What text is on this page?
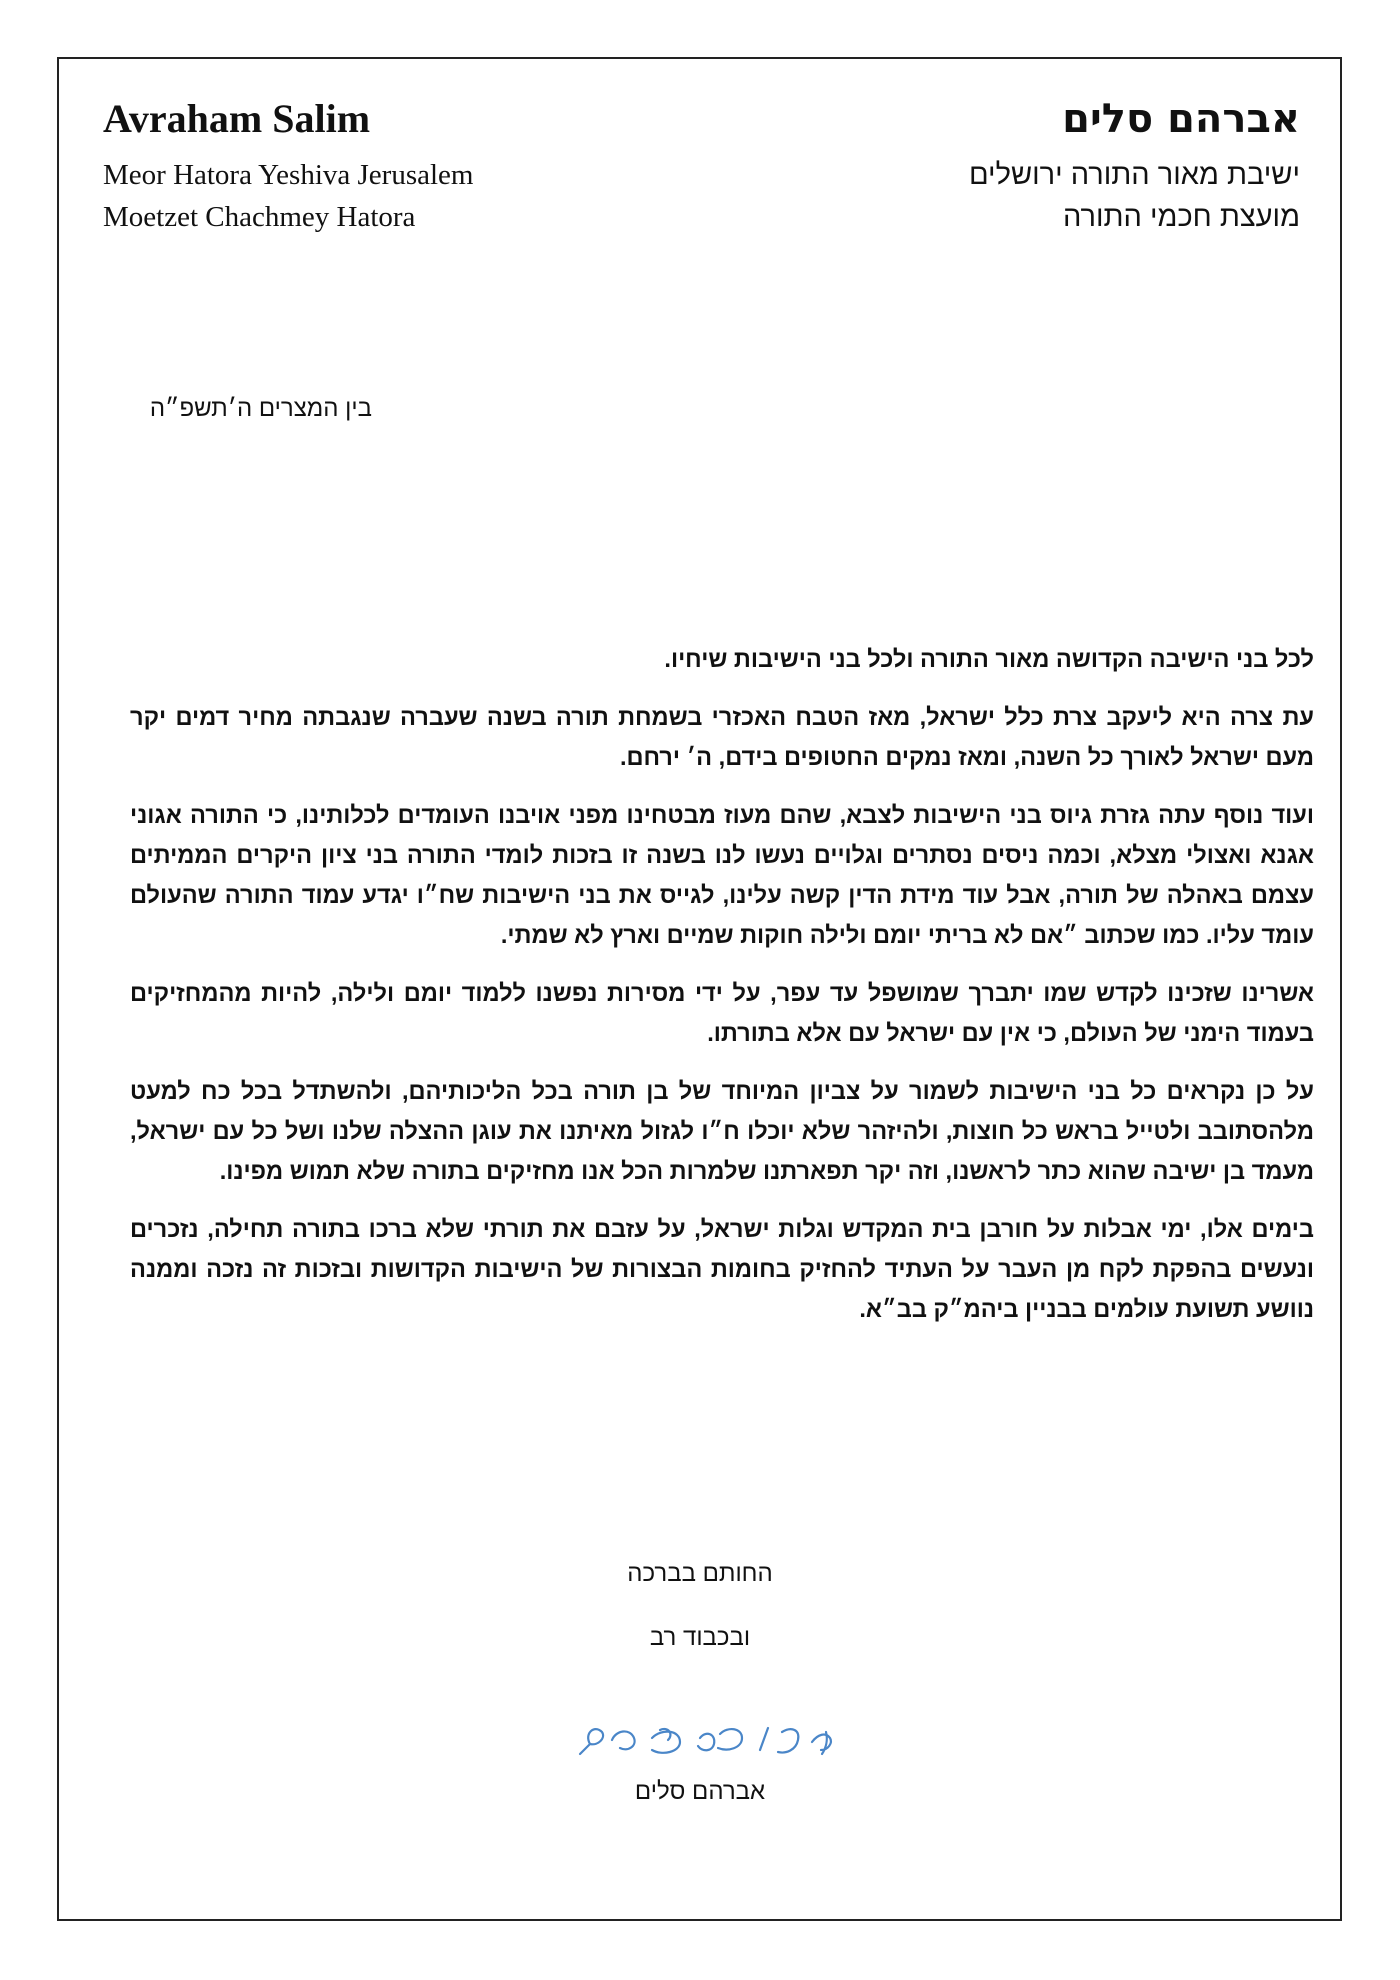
Avraham Salim
Meor Hatora Yeshiva Jerusalem
Moetzet Chachmey Hatora
אברהם סלים
ישיבת מאור התורה ירושלים
מועצת חכמי התורה
בין המצרים ה׳תשפ״ה

לכל בני הישיבה הקדושה מאור התורה ולכל בני הישיבות שיחיו.

עת צרה היא ליעקב צרת כלל ישראל, מאז הטבח האכזרי בשמחת תורה בשנה שעברה שנגבתה מחיר דמים יקר מעם ישראל לאורך כל השנה, ומאז נמקים החטופים בידם, ה׳ ירחם.

ועוד נוסף עתה גזרת גיוס בני הישיבות לצבא, שהם מעוז מבטחינו מפני אויבנו העומדים לכלותינו, כי התורה אגוני אגנא ואצולי מצלא, וכמה ניסים נסתרים וגלויים נעשו לנו בשנה זו בזכות לומדי התורה בני ציון היקרים הממיתים עצמם באהלה של תורה, אבל עוד מידת הדין קשה עלינו, לגייס את בני הישיבות שח״ו יגדע עמוד התורה שהעולם עומד עליו. כמו שכתוב ״אם לא בריתי יומם ולילה חוקות שמיים וארץ לא שמתי.

אשרינו שזכינו לקדש שמו יתברך שמושפל עד עפר, על ידי מסירות נפשנו ללמוד יומם ולילה, להיות מהמחזיקים בעמוד הימני של העולם, כי אין עם ישראל עם אלא בתורתו.

על כן נקראים כל בני הישיבות לשמור על צביון המיוחד של בן תורה בכל הליכותיהם, ולהשתדל בכל כח למעט מלהסתובב ולטייל בראש כל חוצות, ולהיזהר שלא יוכלו ח״ו לגזול מאיתנו את עוגן ההצלה שלנו ושל כל עם ישראל, מעמד בן ישיבה שהוא כתר לראשנו, וזה יקר תפארתנו שלמרות הכל אנו מחזיקים בתורה שלא תמוש מפינו.

בימים אלו, ימי אבלות על חורבן בית המקדש וגלות ישראל, על עזבם את תורתי שלא ברכו בתורה תחילה, נזכרים ונעשים בהפקת לקח מן העבר על העתיד להחזיק בחומות הבצורות של הישיבות הקדושות ובזכות זה נזכה וממנה נוושע תשועת עולמים בבניין ביהמ״ק בב״א.

החותם בברכה
ובכבוד רב
אברהם סלים
